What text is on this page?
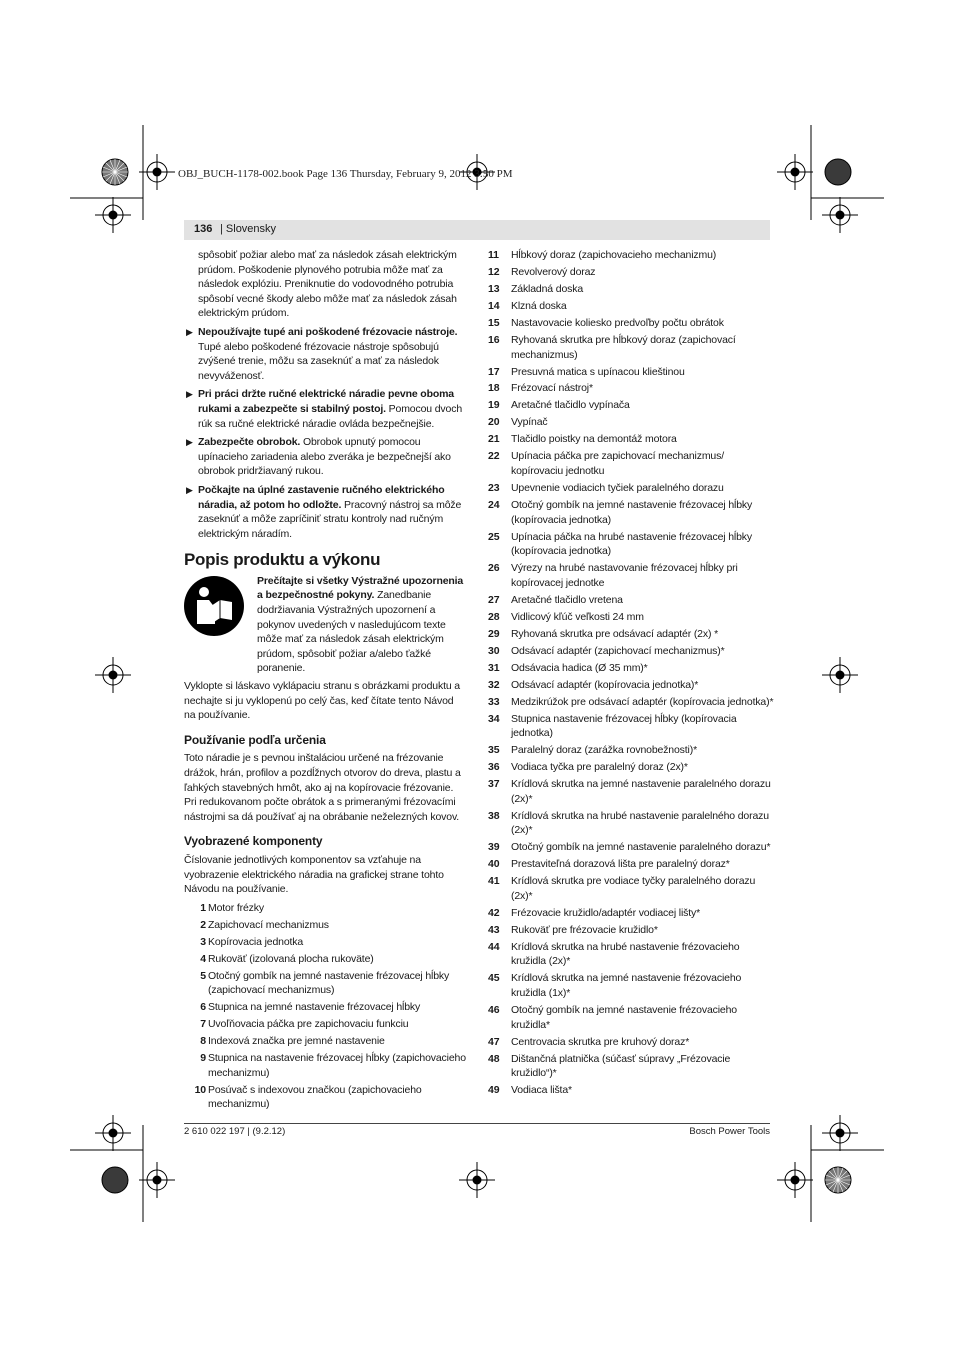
OBJ_BUCH-1178-002.book Page 136 Thursday, February 9, 2012 3:50 PM
136 | Slovensky

spôsobiť požiar alebo mať za následok zásah elektrickým prúdom. Poškodenie plynového potrubia môže mať za následok explóziu. Preniknutie do vodovodného potrubia spôsobí vecné škody alebo môže mať za následok zásah elektrickým prúdom.

▶ Nepoužívajte tupé ani poškodené frézovacie nástroje. Tupé alebo poškodené frézovacie nástroje spôsobujú zvýšené trenie, môžu sa zaseknúť a mať za následok nevyváženosť.
▶ Pri práci držte ručné elektrické náradie pevne oboma rukami a zabezpečte si stabilný postoj. Pomocou dvoch rúk sa ručné elektrické náradie ovláda bezpečnejšie.
▶ Zabezpečte obrobok. Obrobok upnutý pomocou upínacieho zariadenia alebo zveráka je bezpečnejší ako obrobok pridržiavaný rukou.
▶ Počkajte na úplné zastavenie ručného elektrického náradia, až potom ho odložte. Pracovný nástroj sa môže zaseknúť a môže zapríčiniť stratu kontroly nad ručným elektrickým náradím.
Popis produktu a výkonu
Prečítajte si všetky Výstražné upozornenia a bezpečnostné pokyny. Zanedbanie dodržiavania Výstražných upozornení a pokynov uvedených v nasledujúcom texte môže mať za následok zásah elektrickým prúdom, spôsobiť požiar a/alebo ťažké poranenie.

Vyklopte si láskavo vyklápaciu stranu s obrázkami produktu a nechajte si ju vyklopenú po celý čas, keď čítate tento Návod na používanie.

Používanie podľa určenia

Toto náradie je s pevnou inštaláciou určené na frézovanie drážok, hrán, profilov a pozdĺžnych otvorov do dreva, plastu a ľahkých stavebných hmôt, ako aj na kopírovacie frézovanie. Pri redukovanom počte obrátok a s primeranými frézovacími nástrojmi sa dá používať aj na obrábanie neželezných kovov.

Vyobrazené komponenty

Číslovanie jednotlivých komponentov sa vzťahuje na vyobrazenie elektrického náradia na grafickej strane tohto Návodu na používanie.

1 Motor frézky
2 Zapichovací mechanizmus
3 Kopírovacia jednotka
4 Rukoväť (izolovaná plocha rukoväte)
5 Otočný gombík na jemné nastavenie frézovacej hĺbky (zapichovací mechanizmus)
6 Stupnica na jemné nastavenie frézovacej hĺbky
7 Uvoľňovacia páčka pre zapichovaciu funkciu
8 Indexová značka pre jemné nastavenie
9 Stupnica na nastavenie frézovacej hĺbky (zapichovacieho mechanizmu)
10 Posúvač s indexovou značkou (zapichovacieho mechanizmu)
11	Hĺbkový doraz (zapichovacieho mechanizmu)
12	Revolverový doraz
13	Základná doska
14	Klzná doska
15	Nastavovacie koliesko predvoľby počtu obrátok
16	Ryhovaná skrutka pre hĺbkový doraz (zapichovací mechanizmus)
17	Presuvná matica s upínacou klieštinou
18	Frézovací nástroj*
19	Aretačné tlačidlo vypínača
20	Vypínač
21	Tlačidlo poistky na demontáž motora
22	Upínacia páčka pre zapichovací mechanizmus/ kopírovaciu jednotku
23	Upevnenie vodiacich tyčiek paralelného dorazu
24	Otočný gombík na jemné nastavenie frézovacej hĺbky (kopírovacia jednotka)
25	Upínacia páčka na hrubé nastavenie frézovacej hĺbky (kopírovacia jednotka)
26	Výrezy na hrubé nastavovanie frézovacej hĺbky pri kopírovacej jednotke
27	Aretačné tlačidlo vretena
28	Vidlicový kľúč veľkosti 24 mm
29	Ryhovaná skrutka pre odsávací adaptér (2x) *
30	Odsávací adaptér (zapichovací mechanizmus)*
31	Odsávacia hadica (Ø 35 mm)*
32	Odsávací adaptér (kopírovacia jednotka)*
33	Medzikrúžok pre odsávací adaptér (kopírovacia jednotka)*
34	Stupnica nastavenie frézovacej hĺbky (kopírovacia jednotka)
35	Paralelný doraz (zarážka rovnobežnosti)*
36	Vodiaca tyčka pre paralelný doraz (2x)*
37	Krídlová skrutka na jemné nastavenie paralelného dorazu (2x)*
38	Krídlová skrutka na hrubé nastavenie paralelného dorazu (2x)*
39	Otočný gombík na jemné nastavenie paralelného dorazu*
40	Prestaviteľná dorazová lišta pre paralelný doraz*
41	Krídlová skrutka pre vodiace tyčky paralelného dorazu (2x)*
42	Frézovacie kružidlo/adaptér vodiacej lišty*
43	Rukoväť pre frézovacie kružidlo*
44	Krídlová skrutka na hrubé nastavenie frézovacieho kružidla (2x)*
45	Krídlová skrutka na jemné nastavenie frézovacieho kružidla (1x)*
46	Otočný gombík na jemné nastavenie frézovacieho kružidla*
47	Centrovacia skrutka pre kruhový doraz*
48	Dištančná platnička (súčasť súpravy „Frézovacie kružidlo“)*
49	Vodiaca lišta*
2 610 022 197 | (9.2.12)	Bosch Power Tools
